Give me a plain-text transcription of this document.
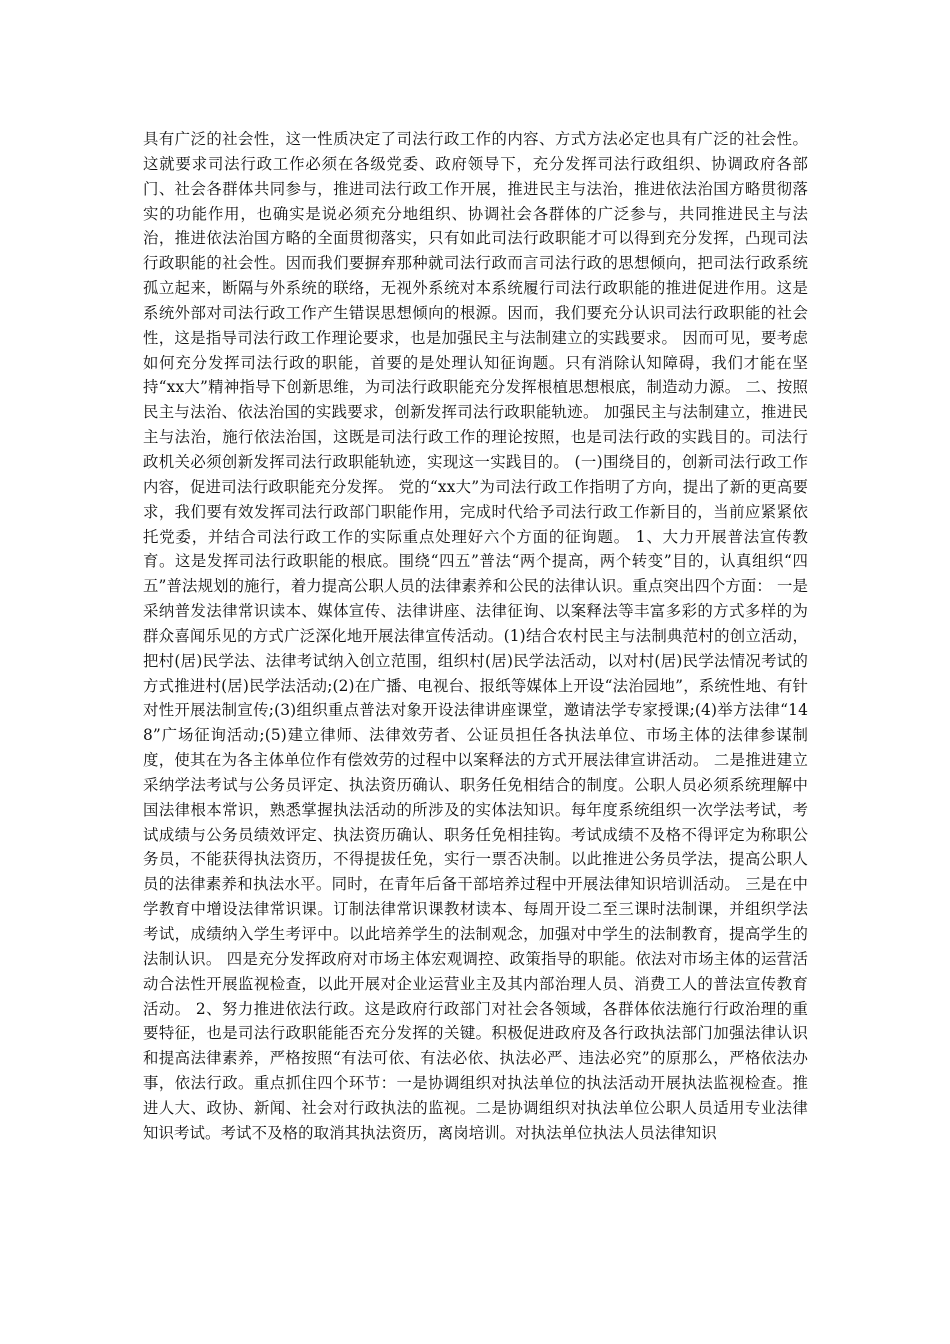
具有广泛的社会性，这一性质决定了司法行政工作的内容、方式方法必定也具有广泛的社会性。这就要求司法行政工作必须在各级党委、政府领导下，充分发挥司法行政组织、协调政府各部门、社会各群体共同参与，推进司法行政工作开展，推进民主与法治，推进依法治国方略贯彻落实的功能作用，也确实是说必须充分地组织、协调社会各群体的广泛参与，共同推进民主与法治，推进依法治国方略的全面贯彻落实，只有如此司法行政职能才可以得到充分发挥，凸现司法行政职能的社会性。因而我们要摒弃那种就司法行政而言司法行政的思想倾向，把司法行政系统孤立起来，断隔与外系统的联络，无视外系统对本系统履行司法行政职能的推进促进作用。这是系统外部对司法行政工作产生错误思想倾向的根源。因而，我们要充分认识司法行政职能的社会性，这是指导司法行政工作理论要求，也是加强民主与法制建立的实践要求。 因而可见，要考虑如何充分发挥司法行政的职能，首要的是处理认知征询题。只有消除认知障碍，我们才能在坚持“xx大”精神指导下创新思维，为司法行政职能充分发挥根植思想根底，制造动力源。 二、按照民主与法治、依法治国的实践要求，创新发挥司法行政职能轨迹。 加强民主与法制建立，推进民主与法治，施行依法治国，这既是司法行政工作的理论按照，也是司法行政的实践目的。司法行政机关必须创新发挥司法行政职能轨迹，实现这一实践目的。 (一)围绕目的，创新司法行政工作内容，促进司法行政职能充分发挥。 党的“xx大”为司法行政工作指明了方向，提出了新的更高要求，我们要有效发挥司法行政部门职能作用，完成时代给予司法行政工作新目的，当前应紧紧依托党委，并结合司法行政工作的实际重点处理好六个方面的征询题。 1、大力开展普法宣传教育。这是发挥司法行政职能的根底。围绕“四五”普法“两个提高，两个转变”目的，认真组织“四五”普法规划的施行，着力提高公职人员的法律素养和公民的法律认识。重点突出四个方面： 一是采纳普发法律常识读本、媒体宣传、法律讲座、法律征询、以案释法等丰富多彩的方式多样的为群众喜闻乐见的方式广泛深化地开展法律宣传活动。(1)结合农村民主与法制典范村的创立活动，把村(居)民学法、法律考试纳入创立范围，组织村(居)民学法活动，以对村(居)民学法情况考试的方式推进村(居)民学法活动;(2)在广播、电视台、报纸等媒体上开设“法治园地”，系统性地、有针对性开展法制宣传;(3)组织重点普法对象开设法律讲座课堂，邀请法学专家授课;(4)举方法律“148”广场征询活动;(5)建立律师、法律效劳者、公证员担任各执法单位、市场主体的法律参谋制度，使其在为各主体单位作有偿效劳的过程中以案释法的方式开展法律宣讲活动。 二是推进建立采纳学法考试与公务员评定、执法资历确认、职务任免相结合的制度。公职人员必须系统理解中国法律根本常识，熟悉掌握执法活动的所涉及的实体法知识。每年度系统组织一次学法考试，考试成绩与公务员绩效评定、执法资历确认、职务任免相挂钩。考试成绩不及格不得评定为称职公务员，不能获得执法资历，不得提拔任免，实行一票否决制。以此推进公务员学法，提高公职人员的法律素养和执法水平。同时，在青年后备干部培养过程中开展法律知识培训活动。 三是在中学教育中增设法律常识课。订制法律常识课教材读本、每周开设二至三课时法制课，并组织学法考试，成绩纳入学生考评中。以此培养学生的法制观念，加强对中学生的法制教育，提高学生的法制认识。 四是充分发挥政府对市场主体宏观调控、政策指导的职能。依法对市场主体的运营活动合法性开展监视检查，以此开展对企业运营业主及其内部治理人员、消费工人的普法宣传教育活动。 2、努力推进依法行政。这是政府行政部门对社会各领域，各群体依法施行行政治理的重要特征，也是司法行政职能能否充分发挥的关键。积极促进政府及各行政执法部门加强法律认识和提高法律素养，严格按照“有法可依、有法必依、执法必严、违法必究”的原那么，严格依法办事，依法行政。重点抓住四个环节：一是协调组织对执法单位的执法活动开展执法监视检查。推进人大、政协、新闻、社会对行政执法的监视。二是协调组织对执法单位公职人员适用专业法律知识考试。考试不及格的取消其执法资历，离岗培训。对执法单位执法人员法律知识
